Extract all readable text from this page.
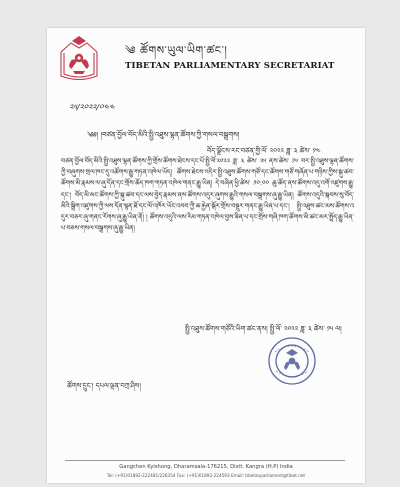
༄ ཚོགས་ཡུལ་ཡིག་ཚང་།
TIBETAN PARLIAMENTARY SECRETARIAT
༢༥/༢༠༢༢/༠༤༤
༄༅། །བཙན་བྱོལ་བོད་མིའི་སྤྱི་འཐུས་ལྷན་ཚོགས་ཀྱི་གསལ་བསྒྲགས།
བོད་ལྗོངས་རང་བཙན་གྱི་ལོ་ ༢༠༢༢ ཟླ་ ༣ ཚེས་ ༡༤
བཙན་བྱོལ་བོད་མིའི་སྤྱི་འཐུས་ལྷན་ཚོགས་ཀྱི་གྲོས་ཚོགས་ཐེངས་དང་པོ་སྤྱི་ལོ་༢༠༢༢ ཟླ་ ༣ ཚེས་ ༢༥ ནས་ཚེས་ ༡༦ བར་སྤྱི་འཐུས་ལྷན་ཚོགས་ཀྱི་བཞུགས་གྲལ་ཁང་དུ་འཚོགས་རྒྱུ་གཏན་འཁེལ་ཡོད། ཚོགས་ཐེངས་འདིར་སྤྱི་འཐུས་ཚོགས་གཙོ་དང་ཚོགས་གཙོ་གཞོན་པ་གཉིས་ཀྱིས་སྐུ་ཚབ་ཚོགས་མི་རྣམས་ལ་ཞུ་དོན་དང་གྲོས་ཆོད་ཁག་གཏན་འཁེལ་གནང་རྒྱུ་ཡིན། དེ་བཞིན་ཕྱི་ཚེས་ ༡༠:༠༠ ཆུ་ཚོད་ནས་ཚོགས་འདུ་འགོ་འཛུགས་རྒྱུ་དང་། བོད་མི་མང་ཚོགས་ཀྱི་སྐུ་ཚབ་དང་ལས་བྱེད་རྣམས་ནས་ཚོགས་འདུར་ཞུགས་རྒྱུའི་གསལ་བསྒྲགས་ཞུ་རྒྱུ་ཡིན། ཚོགས་འདུའི་སྐབས་སུ་བོད་མིའི་སྒྲིག་འཛུགས་ཀྱི་ལས་དོན་སྙན་ཐོ་དང་ལོ་འཁོར་ཡོང་འབབ་ཀྱི་ཆ་རྐྱེན་སྐོར་གྲོས་བསྡུར་གནང་རྒྱུ་ཡིན་པ་དང་། སྤྱི་འཐུས་ཚང་མས་ཚོགས་འདུར་བཅར་ཞུ་གནང་རོགས་ཞུ་རྒྱུ་ཡིན་ནོ། ། ཚོགས་འདུའི་ལས་རིམ་གཏན་འཁེལ་བྱས་ཟིན་པ་དང་གྲོས་གཞི་ཁག་ཚོགས་མི་ཚང་མར་སྤྲོད་རྒྱུ་ཡིན་པ་བཅས་གསལ་བསྒྲགས་ཞུ་རྒྱུ་ཡིན།
སྤྱི་འཐུས་ཚོགས་གཙོའི་ཡིག་ཚང་ནས། སྤྱི་ལོ་ ༢༠༢༢ ཟླ་ ༣ ཚེས་ ༡༥ ལ།
ཚོགས་དྲུང་། དཔལ་ལྡན་བཀྲ་ཤིས།
Gangchen Kyishong, Dharamsala-176215, Distt. Kangra (H.P) India
Tel: (+91)01892-222481/226354 Fax: (+91)01892-224593 Email: tibetanparliament@tibet.net
